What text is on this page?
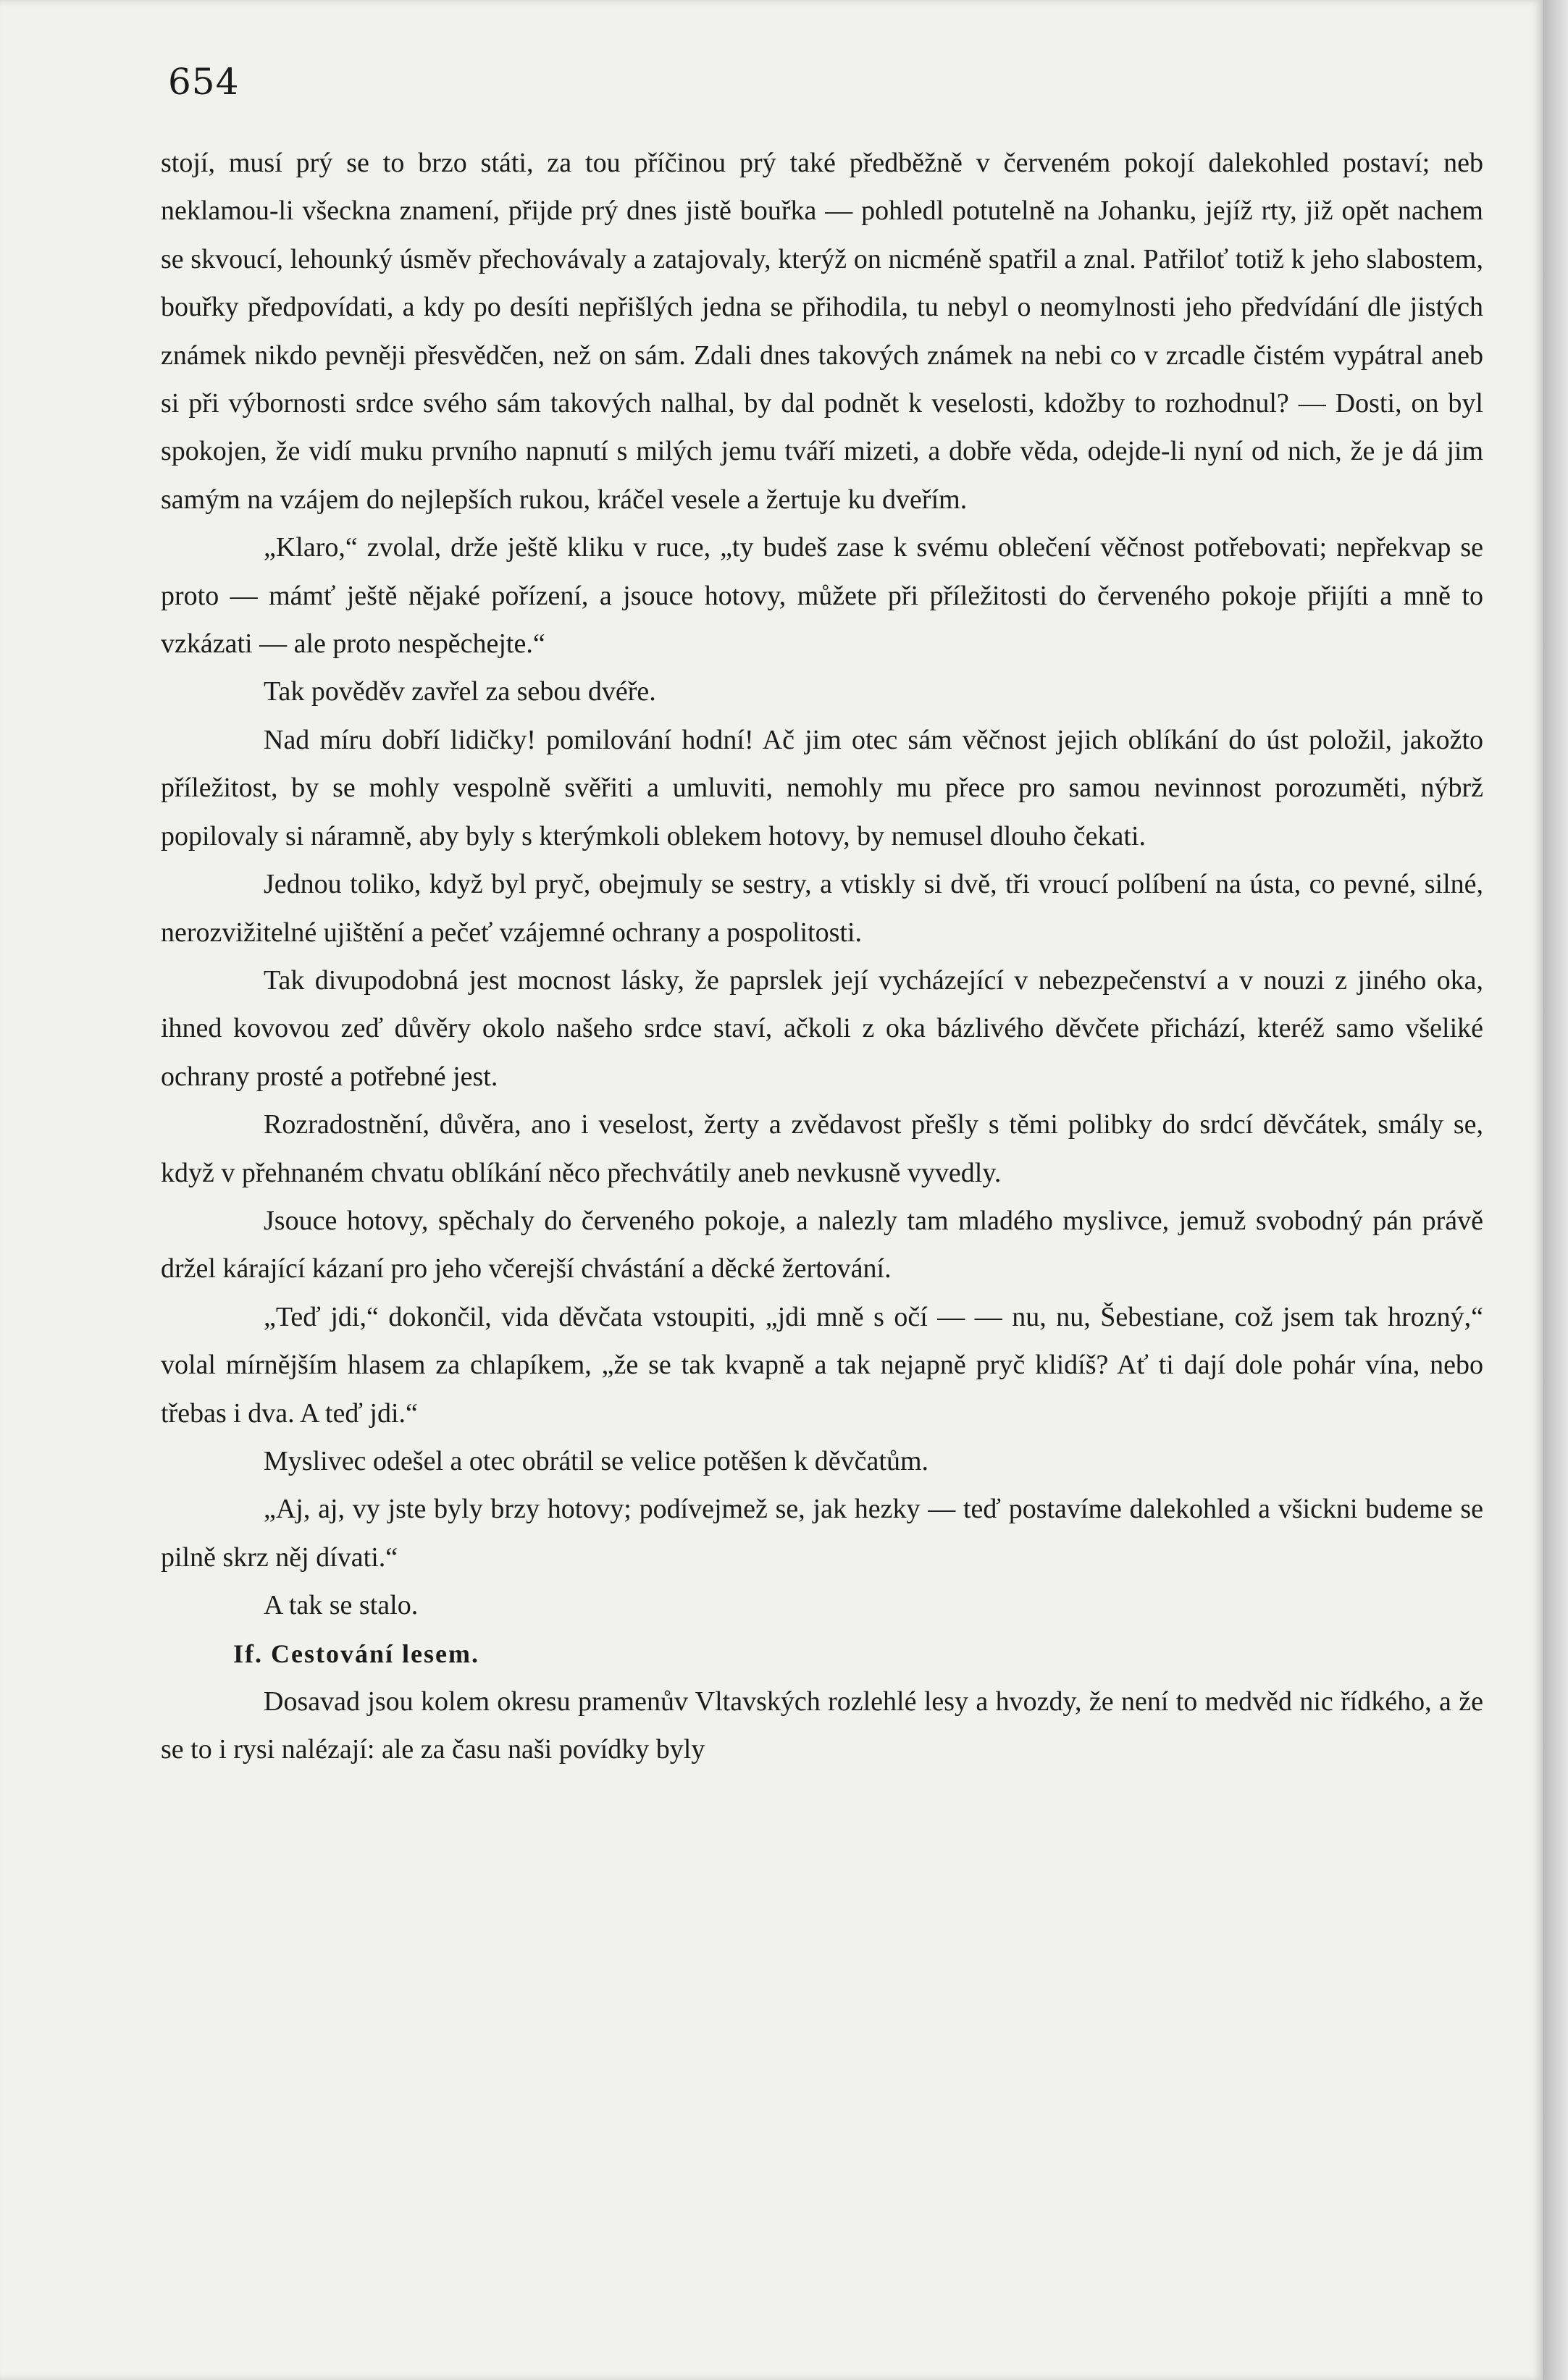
654

stojí, musí prý se to brzo státi, za tou příčinou prý také předběžně v červeném pokojí dalekohled postaví; neb neklamou-li všeckna znamení, přijde prý dnes jistě bouřka — pohledl potutelně na Johanku, jejíž rty, již opět nachem se skvoucí, lehounký úsměv přechovávaly a zatajovaly, kterýž on nicméně spatřil a znal. Patřiloť totiž k jeho slabostem, bouřky předpovídati, a kdy po desíti nepřišlých jedna se přihodila, tu nebyl o neomylnosti jeho předvídání dle jistých známek nikdo pevněji přesvědčen, než on sám. Zdali dnes takových známek na nebi co v zrcadle čistém vypátral aneb si při výbornosti srdce svého sám takových nalhal, by dal podnět k veselosti, kdožby to rozhodnul? — Dosti, on byl spokojen, že vidí muku prvního napnutí s milých jemu tváří mizeti, a dobře věda, odejde-li nyní od nich, že je dá jim samým na vzájem do nejlepších rukou, kráčel vesele a žertuje ku dveřím.

„Klaro,“ zvolal, drže ještě kliku v ruce, „ty budeš zase k svému oblečení věčnost potřebovati; nepřekvap se proto — mámť ještě nějaké pořízení, a jsouce hotovy, můžete při příležitosti do červeného pokoje přijíti a mně to vzkázati — ale proto nespěchejte.“

Tak pověděv zavřel za sebou dvéře.

Nad míru dobří lidičky! pomilování hodní! Ač jim otec sám věčnost jejich oblíkání do úst položil, jakožto příležitost, by se mohly vespolně svěřiti a umluviti, nemohly mu přece pro samou nevinnost porozuměti, nýbrž popilovaly si náramně, aby byly s kterýmkoli oblekem hotovy, by nemusel dlouho čekati.

Jednou toliko, když byl pryč, obejmuly se sestry, a vtiskly si dvě, tři vroucí políbení na ústa, co pevné, silné, nerozvižitelné ujištění a pečeť vzájemné ochrany a pospolitosti.

Tak divupodobná jest mocnost lásky, že paprslek její vycházející v nebezpečenství a v nouzi z jiného oka, ihned kovovou zeď důvěry okolo našeho srdce staví, ačkoli z oka bázlivého děvčete přichází, kteréž samo všeliké ochrany prosté a potřebné jest.

Rozradostnění, důvěra, ano i veselost, žerty a zvědavost přešly s těmi polibky do srdcí děvčátek, smály se, když v přehnaném chvatu oblíkání něco přechvátily aneb nevkusně vyvedly.

Jsouce hotovy, spěchaly do červeného pokoje, a nalezly tam mladého myslivce, jemuž svobodný pán právě držel kárající kázaní pro jeho včerejší chvástání a děcké žertování.

„Teď jdi,“ dokončil, vida děvčata vstoupiti, „jdi mně s očí — — nu, nu, Šebestiane, což jsem tak hrozný,“ volal mírnějším hlasem za chlapíkem, „že se tak kvapně a tak nejapně pryč klidíš? Ať ti dají dole pohár vína, nebo třebas i dva. A teď jdi.“

Myslivec odešel a otec obrátil se velice potěšen k děvčatům.

„Aj, aj, vy jste byly brzy hotovy; podívejmež se, jak hezky — teď postavíme dalekohled a všickni budeme se pilně skrz něj dívati.“

A tak se stalo.

If. Cestování lesem.

Dosavad jsou kolem okresu pramenův Vltavských rozlehlé lesy a hvozdy, že není to medvěd nic řídkého, a že se to i rysi nalézají: ale za času naši povídky byly
